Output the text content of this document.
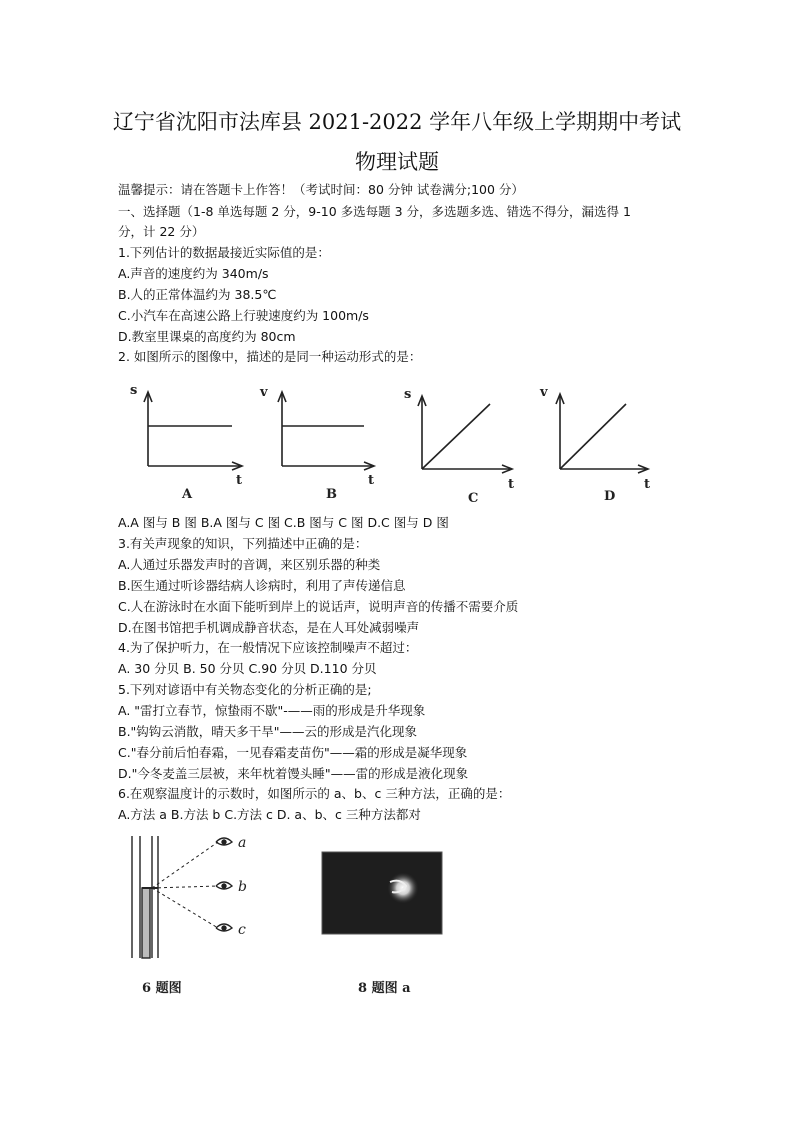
辽宁省沈阳市法库县 2021-2022 学年八年级上学期期中考试
物理试题
温馨提示：请在答题卡上作答！（考试时间：80 分钟 试卷满分;100 分）
一、选择题（1-8 单选每题 2 分，9-10 多选每题 3 分，多选题多选、错选不得分，漏选得 1
分，计 22 分）
1.下列估计的数据最接近实际值的是：
A.声音的速度约为 340m/s
B.人的正常体温约为 38.5℃
C.小汽车在高速公路上行驶速度约为 100m/s
D.教室里课桌的高度约为 80cm
2. 如图所示的图像中，描述的是同一种运动形式的是：
s
t
A
v
t
B
s
t
C
v
t
D
A.A 图与 B 图 B.A 图与 C 图 C.B 图与 C 图 D.C 图与 D 图
3.有关声现象的知识，下列描述中正确的是：
A.人通过乐器发声时的音调，来区别乐器的种类
B.医生通过听诊器结病人诊病时，利用了声传递信息
C.人在游泳时在水面下能听到岸上的说话声，说明声音的传播不需要介质
D.在图书馆把手机调成静音状态，是在人耳处减弱噪声
4.为了保护听力，在一般情况下应该控制噪声不超过：
A. 30 分贝 B. 50 分贝 C.90 分贝 D.110 分贝
5.下列对谚语中有关物态变化的分析正确的是;
A. "雷打立春节，惊蛰雨不歇"-——雨的形成是升华现象
B."钩钩云消散，晴天多干旱"——云的形成是汽化现象
C."春分前后怕春霜，一见春霜麦苗伤"——霜的形成是凝华现象
D."今冬麦盖三层被，来年枕着馒头睡"——雷的形成是液化现象
6.在观察温度计的示数时，如图所示的 a、b、c 三种方法，正确的是：
A.方法 a B.方法 b C.方法 c D. a、b、c 三种方法都对
a
b
c
6 题图	8 题图 a
